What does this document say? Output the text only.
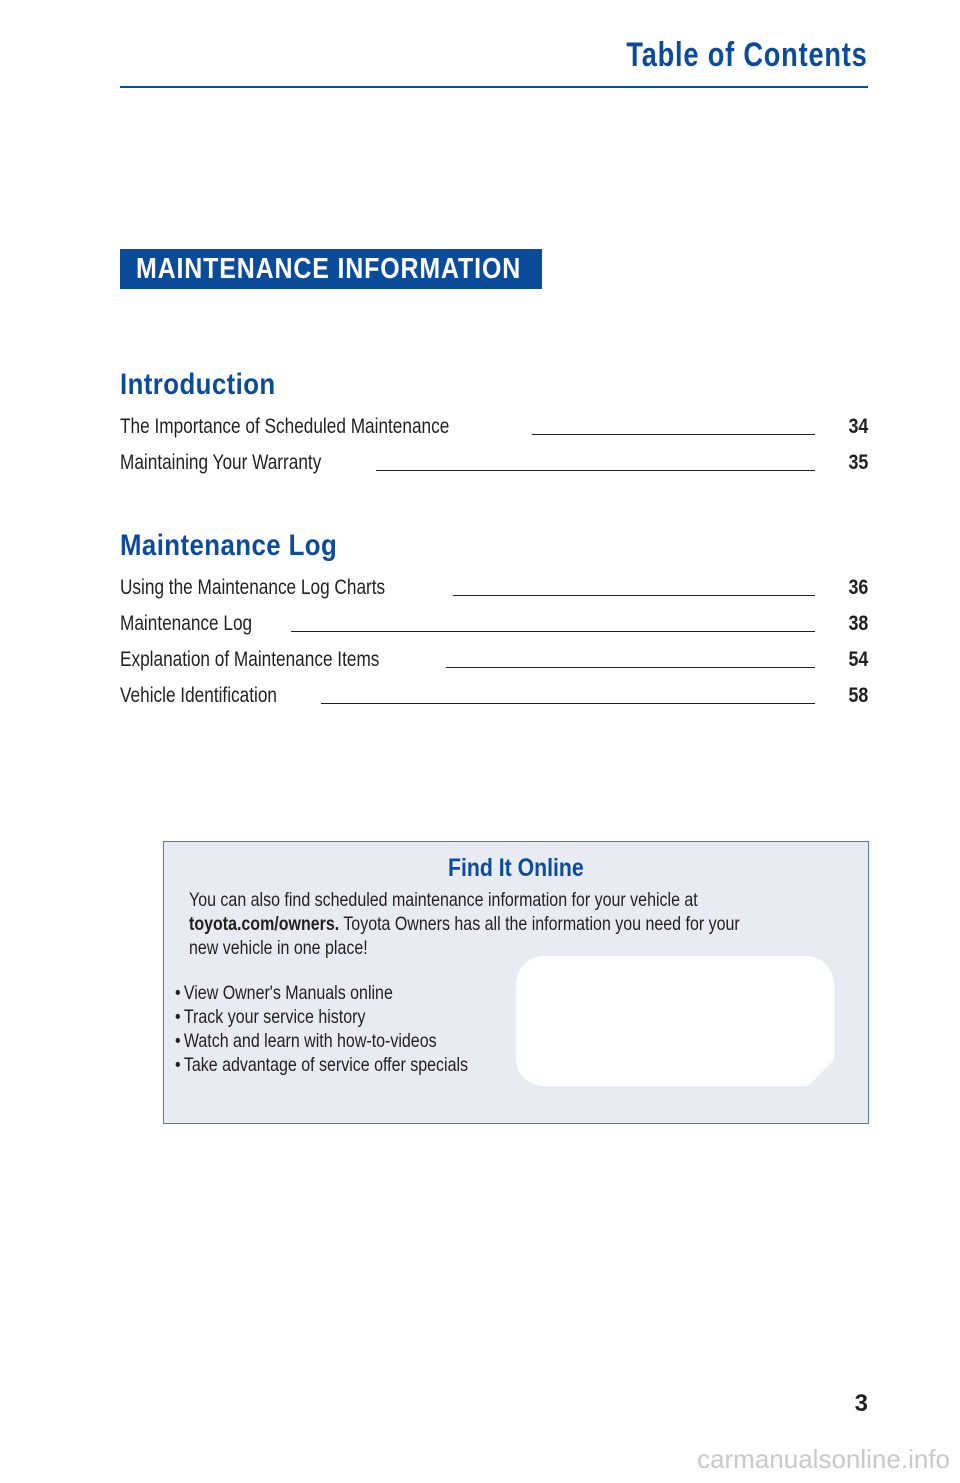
Table of Contents
MAINTENANCE INFORMATION
Introduction
The Importance of Scheduled Maintenance	34
Maintaining Your Warranty	35
Maintenance Log
Using the Maintenance Log Charts	36
Maintenance Log	38
Explanation of Maintenance Items	54
Vehicle Identification	58
Find It Online
You can also find scheduled maintenance information for your vehicle at
toyota.com/owners. Toyota Owners has all the information you need for your
new vehicle in one place!
• View Owner's Manuals online
• Track your service history
• Watch and learn with how-to-videos
• Take advantage of service offer specials
3
carmanualsonline.info
